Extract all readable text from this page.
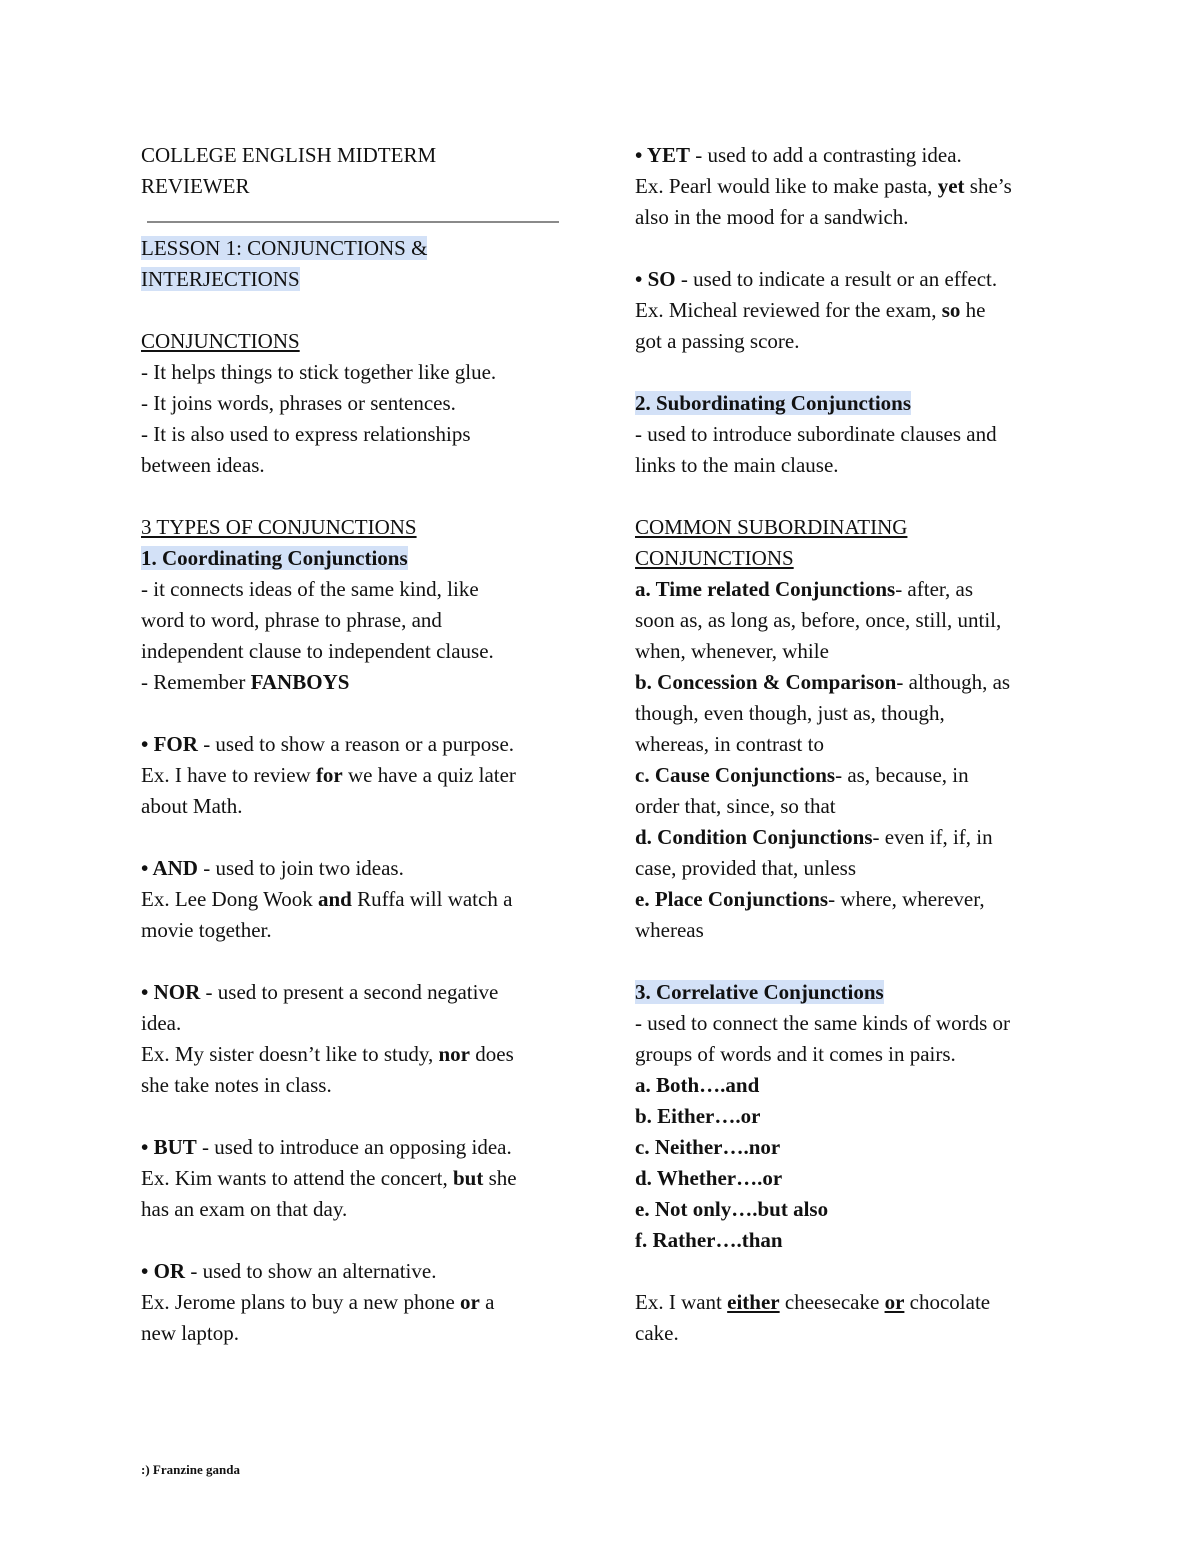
COLLEGE ENGLISH MIDTERM
REVIEWER
LESSON 1: CONJUNCTIONS &
INTERJECTIONS
CONJUNCTIONS
- It helps things to stick together like glue.
- It joins words, phrases or sentences.
- It is also used to express relationships
between ideas.
3 TYPES OF CONJUNCTIONS
1. Coordinating Conjunctions
- it connects ideas of the same kind, like
word to word, phrase to phrase, and
independent clause to independent clause.
- Remember FANBOYS
• FOR - used to show a reason or a purpose.
Ex. I have to review for we have a quiz later
about Math.
• AND - used to join two ideas.
Ex. Lee Dong Wook and Ruffa will watch a
movie together.
• NOR - used to present a second negative
idea.
Ex. My sister doesn’t like to study, nor does
she take notes in class.
• BUT - used to introduce an opposing idea.
Ex. Kim wants to attend the concert, but she
has an exam on that day.
• OR - used to show an alternative.
Ex. Jerome plans to buy a new phone or a
new laptop.
• YET - used to add a contrasting idea.
Ex. Pearl would like to make pasta, yet she’s
also in the mood for a sandwich.
• SO - used to indicate a result or an effect.
Ex. Micheal reviewed for the exam, so he
got a passing score.
2. Subordinating Conjunctions
- used to introduce subordinate clauses and
links to the main clause.
COMMON SUBORDINATING
CONJUNCTIONS
a. Time related Conjunctions- after, as
soon as, as long as, before, once, still, until,
when, whenever, while
b. Concession & Comparison- although, as
though, even though, just as, though,
whereas, in contrast to
c. Cause Conjunctions- as, because, in
order that, since, so that
d. Condition Conjunctions- even if, if, in
case, provided that, unless
e. Place Conjunctions- where, wherever,
whereas
3. Correlative Conjunctions
- used to connect the same kinds of words or
groups of words and it comes in pairs.
a. Both….and
b. Either….or
c. Neither….nor
d. Whether….or
e. Not only….but also
f. Rather….than
Ex. I want either cheesecake or chocolate
cake.
:) Franzine ganda
